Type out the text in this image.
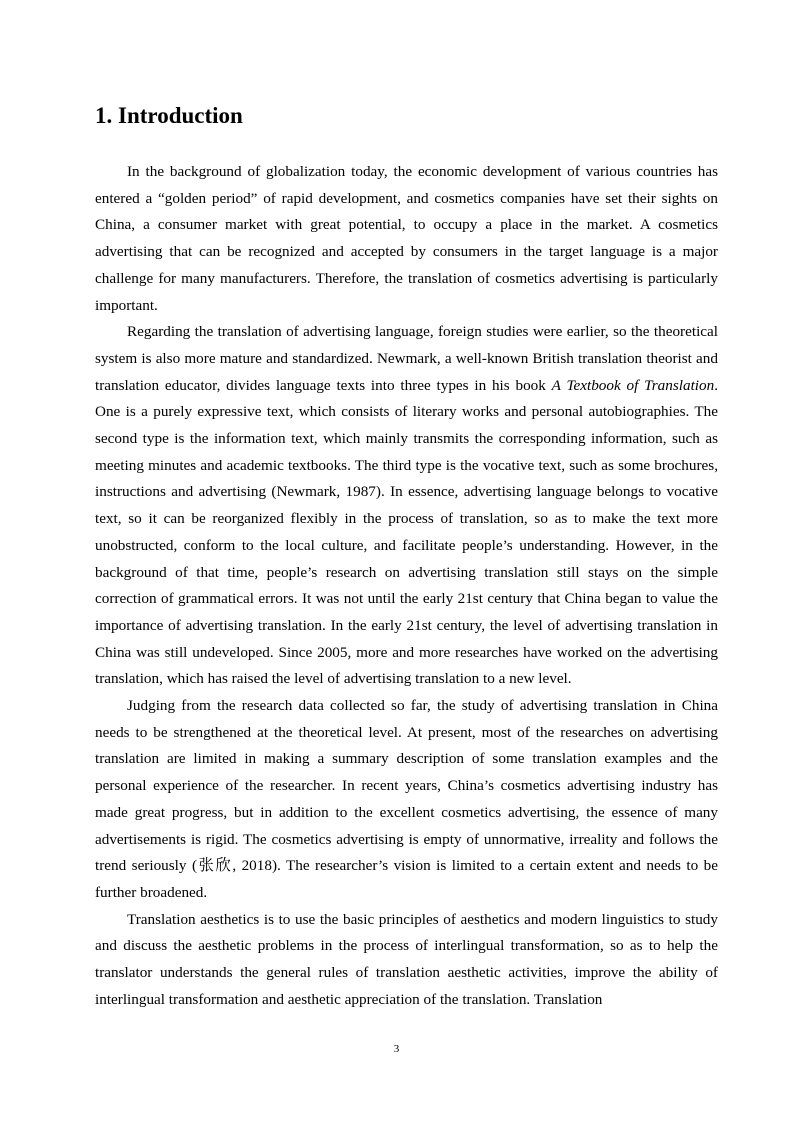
1. Introduction

In the background of globalization today, the economic development of various countries has entered a “golden period” of rapid development, and cosmetics companies have set their sights on China, a consumer market with great potential, to occupy a place in the market. A cosmetics advertising that can be recognized and accepted by consumers in the target language is a major challenge for many manufacturers. Therefore, the translation of cosmetics advertising is particularly important.

Regarding the translation of advertising language, foreign studies were earlier, so the theoretical system is also more mature and standardized. Newmark, a well-known British translation theorist and translation educator, divides language texts into three types in his book A Textbook of Translation. One is a purely expressive text, which consists of literary works and personal autobiographies. The second type is the information text, which mainly transmits the corresponding information, such as meeting minutes and academic textbooks. The third type is the vocative text, such as some brochures, instructions and advertising (Newmark, 1987). In essence, advertising language belongs to vocative text, so it can be reorganized flexibly in the process of translation, so as to make the text more unobstructed, conform to the local culture, and facilitate people’s understanding. However, in the background of that time, people’s research on advertising translation still stays on the simple correction of grammatical errors. It was not until the early 21st century that China began to value the importance of advertising translation. In the early 21st century, the level of advertising translation in China was still undeveloped. Since 2005, more and more researches have worked on the advertising translation, which has raised the level of advertising translation to a new level.

Judging from the research data collected so far, the study of advertising translation in China needs to be strengthened at the theoretical level. At present, most of the researches on advertising translation are limited in making a summary description of some translation examples and the personal experience of the researcher. In recent years, China’s cosmetics advertising industry has made great progress, but in addition to the excellent cosmetics advertising, the essence of many advertisements is rigid. The cosmetics advertising is empty of unnormative, irreality and follows the trend seriously (张欣, 2018). The researcher’s vision is limited to a certain extent and needs to be further broadened.

Translation aesthetics is to use the basic principles of aesthetics and modern linguistics to study and discuss the aesthetic problems in the process of interlingual transformation, so as to help the translator understands the general rules of translation aesthetic activities, improve the ability of interlingual transformation and aesthetic appreciation of the translation. Translation

3
